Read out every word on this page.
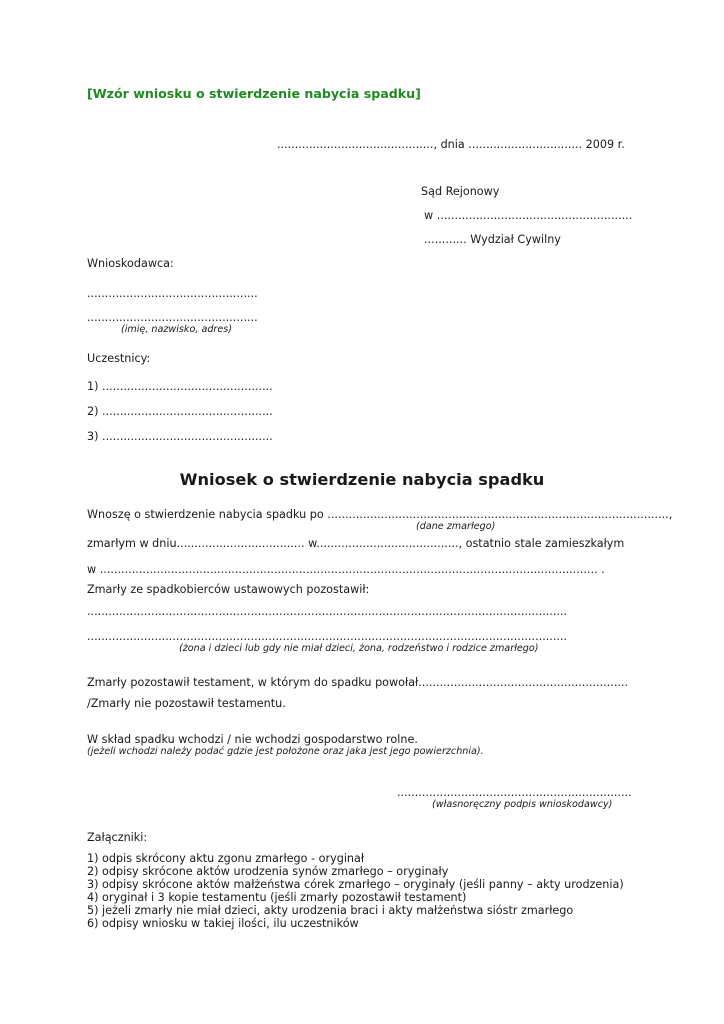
[Wzór wniosku o stwierdzenie nabycia spadku]
............................................, dnia ................................ 2009 r.
Sąd Rejonowy
w .......................................................
............ Wydział Cywilny
Wnioskodawca:
................................................
................................................
(imię, nazwisko, adres)
Uczestnicy:
1) ................................................
2) ................................................
3) ................................................
Wniosek o stwierdzenie nabycia spadku
Wnoszę o stwierdzenie nabycia spadku po ................................................................................................,
(dane zmarłego)
zmarłym w dniu.................................... w........................................, ostatnio stale zamieszkałym
w ............................................................................................................................................ .
Zmarły ze spadkobierców ustawowych pozostawił:
.......................................................................................................................................
.......................................................................................................................................
(żona i dzieci lub gdy nie miał dzieci, żona, rodzeństwo i rodzice zmarłego)
Zmarły pozostawił testament, w którym do spadku powołał...........................................................
/Zmarły nie pozostawił testamentu.
W skład spadku wchodzi / nie wchodzi gospodarstwo rolne.
(jeżeli wchodzi należy podać gdzie jest położone oraz jaka jest jego powierzchnia).
..................................................................
(własnoręczny podpis wnioskodawcy)
Załączniki:
1) odpis skrócony aktu zgonu zmarłego - oryginał
2) odpisy skrócone aktów urodzenia synów zmarłego – oryginały
3) odpisy skrócone aktów małżeństwa córek zmarłego – oryginały (jeśli panny – akty urodzenia)
4) oryginał i 3 kopie testamentu (jeśli zmarły pozostawił testament)
5) jeżeli zmarły nie miał dzieci, akty urodzenia braci i akty małżeństwa sióstr zmarłego
6) odpisy wniosku w takiej ilości, ilu uczestników
